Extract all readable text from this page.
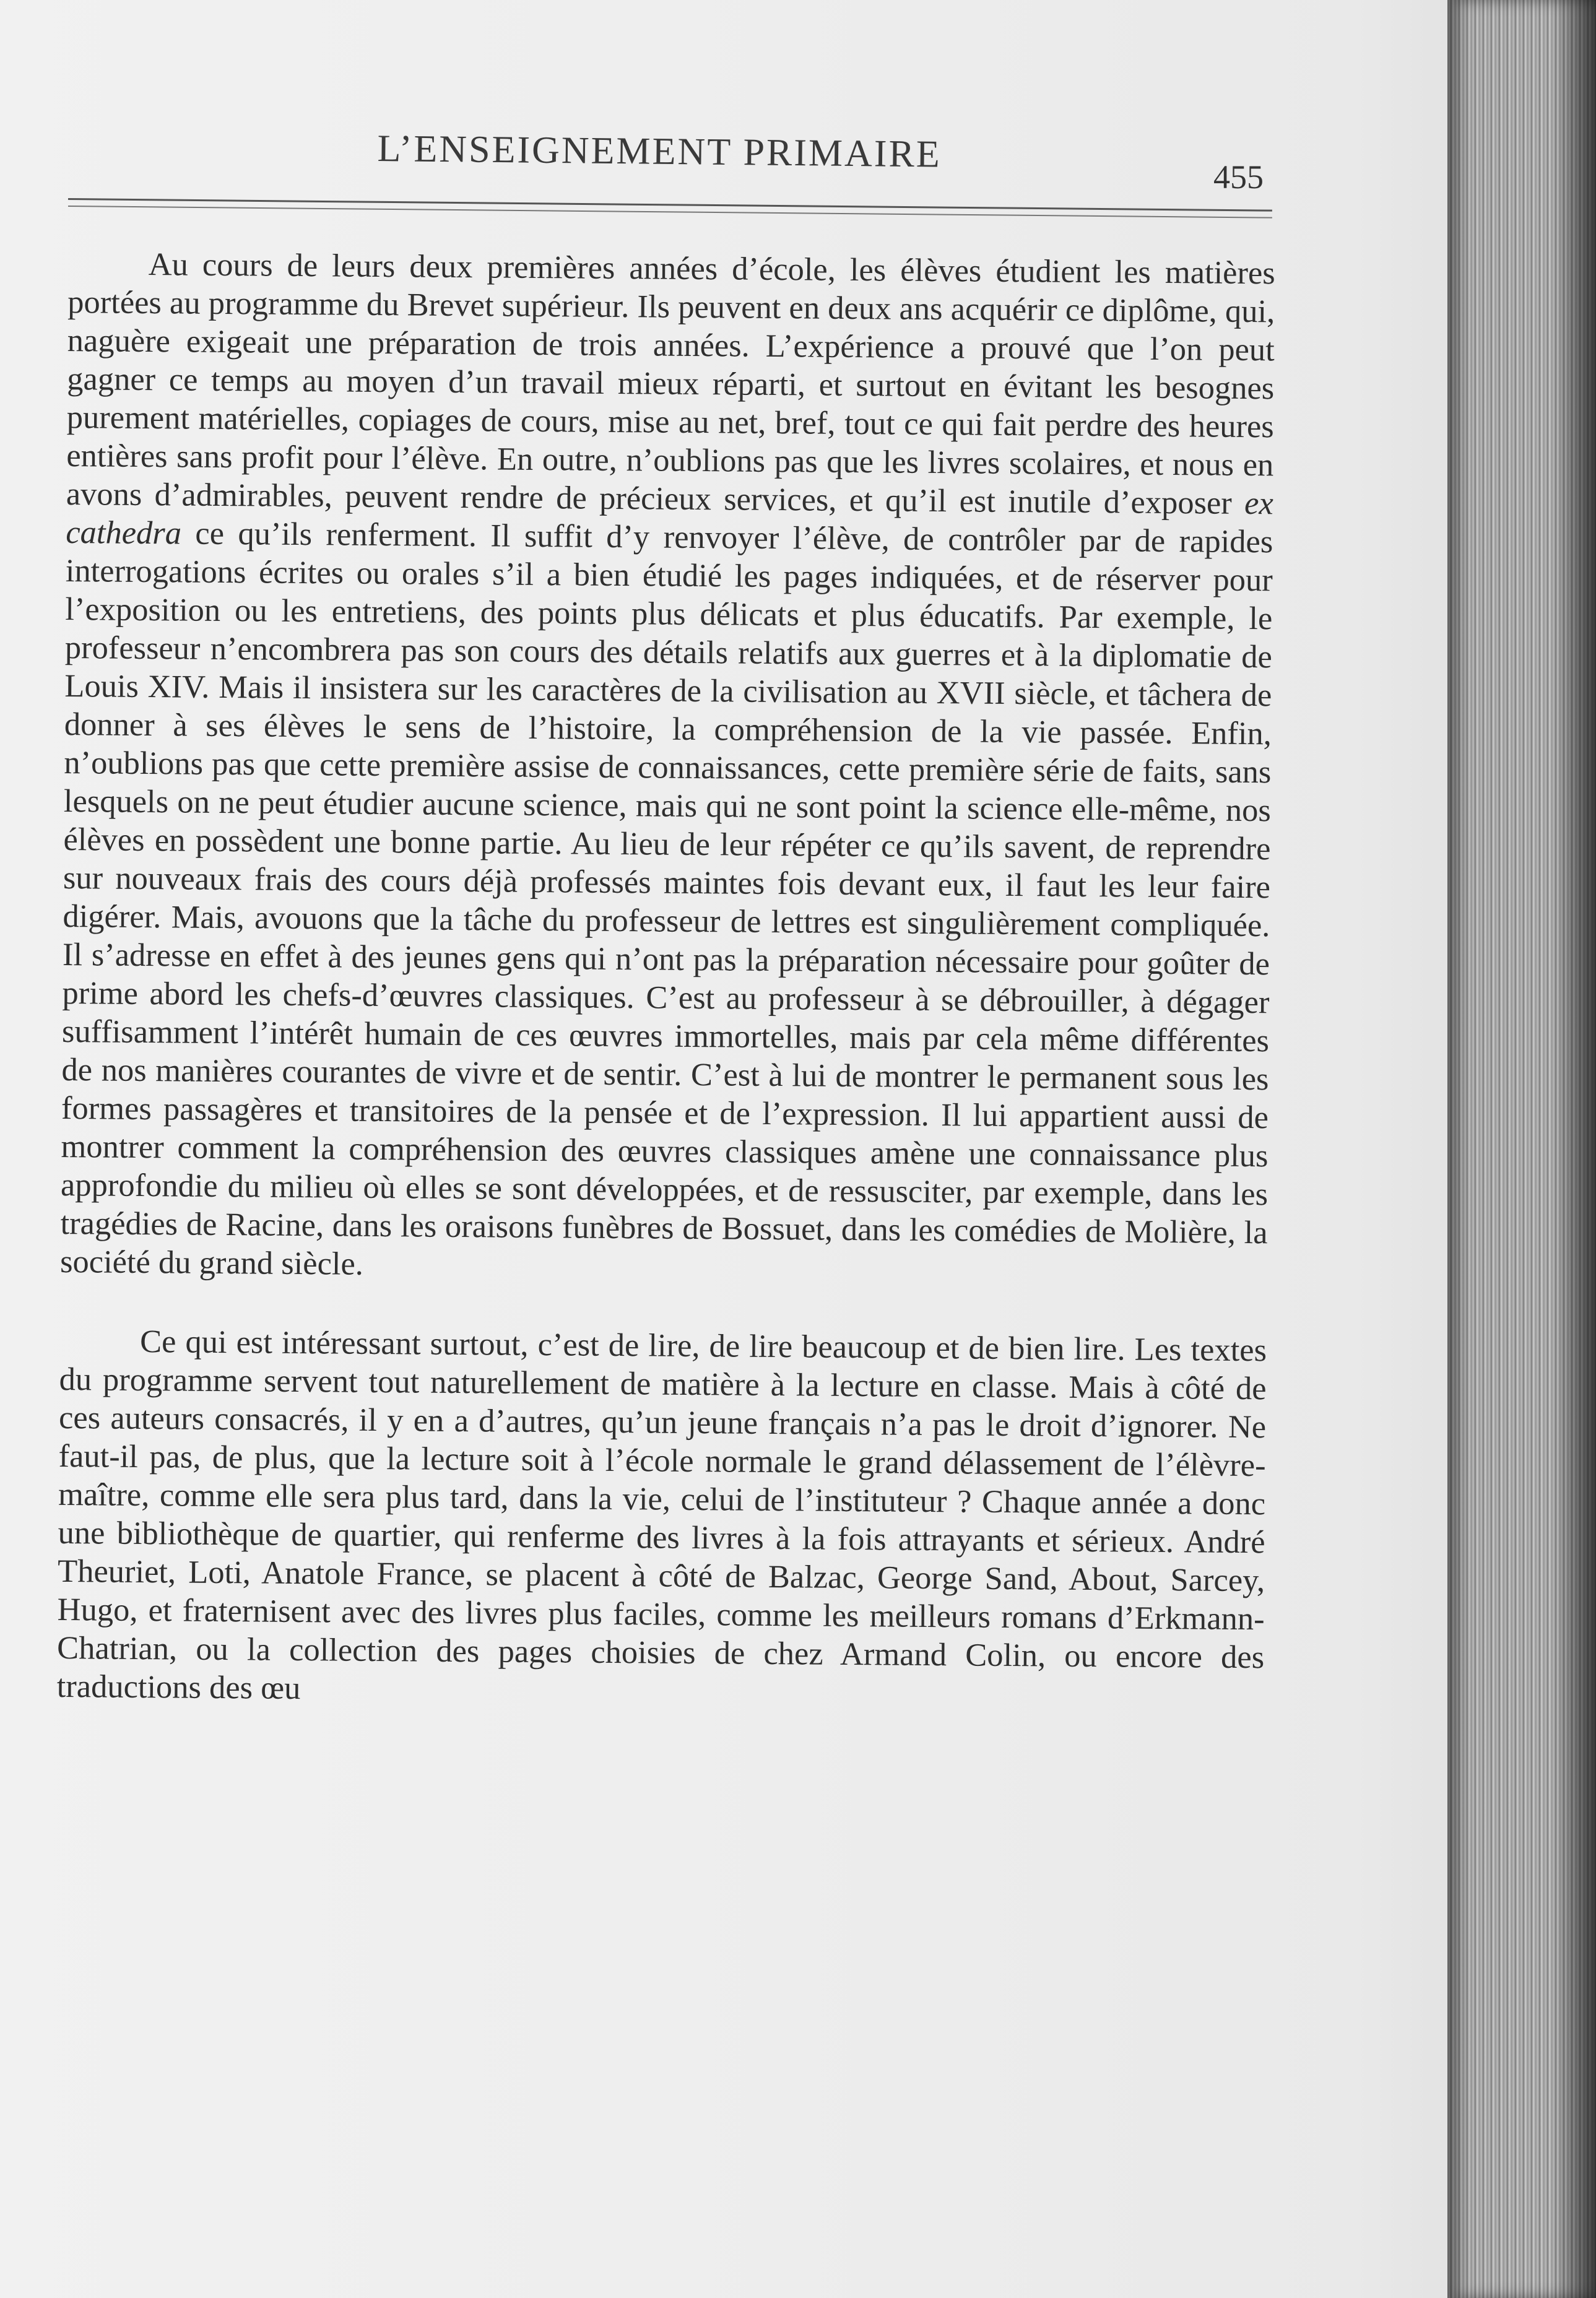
L’ENSEIGNEMENT PRIMAIRE
455

Au cours de leurs deux premières années d’école, les élèves étudient les matières portées au programme du Brevet supérieur. Ils peuvent en deux ans acquérir ce diplôme, qui, naguère exigeait une préparation de trois années. L’expérience a prouvé que l’on peut gagner ce temps au moyen d’un travail mieux réparti, et surtout en évitant les besognes purement matérielles, copiages de cours, mise au net, bref, tout ce qui fait perdre des heures entières sans profit pour l’élève. En outre, n’oublions pas que les livres scolaires, et nous en avons d’admirables, peuvent rendre de précieux services, et qu’il est inutile d’exposer ex cathedra ce qu’ils renferment. Il suffit d’y renvoyer l’élève, de contrôler par de rapides interrogations écrites ou orales s’il a bien étudié les pages indiquées, et de réserver pour l’exposition ou les entretiens, des points plus délicats et plus éducatifs. Par exemple, le professeur n’encombrera pas son cours des détails relatifs aux guerres et à la diplomatie de Louis XIV. Mais il insistera sur les caractères de la civilisation au XVII siècle, et tâchera de donner à ses élèves le sens de l’histoire, la compréhension de la vie passée. Enfin, n’oublions pas que cette première assise de connaissances, cette première série de faits, sans lesquels on ne peut étudier aucune science, mais qui ne sont point la science elle-même, nos élèves en possèdent une bonne partie. Au lieu de leur répéter ce qu’ils savent, de reprendre sur nouveaux frais des cours déjà professés maintes fois devant eux, il faut les leur faire digérer. Mais, avouons que la tâche du professeur de lettres est singulièrement compliquée. Il s’adresse en effet à des jeunes gens qui n’ont pas la préparation nécessaire pour goûter de prime abord les chefs-d’œuvres classiques. C’est au professeur à se débrouiller, à dégager suffisamment l’intérêt humain de ces œuvres immortelles, mais par cela même différentes de nos manières courantes de vivre et de sentir. C’est à lui de montrer le permanent sous les formes passagères et transitoires de la pensée et de l’expression. Il lui appartient aussi de montrer comment la compréhension des œuvres classiques amène une connaissance plus approfondie du milieu où elles se sont développées, et de ressusciter, par exemple, dans les tragédies de Racine, dans les oraisons funèbres de Bossuet, dans les comédies de Molière, la société du grand siècle.

Ce qui est intéressant surtout, c’est de lire, de lire beaucoup et de bien lire. Les textes du programme servent tout naturellement de matière à la lecture en classe. Mais à côté de ces auteurs consacrés, il y en a d’autres, qu’un jeune français n’a pas le droit d’ignorer. Ne faut-il pas, de plus, que la lecture soit à l’école normale le grand délassement de l’élèvre-maître, comme elle sera plus tard, dans la vie, celui de l’instituteur ? Chaque année a donc une bibliothèque de quartier, qui renferme des livres à la fois attrayants et sérieux. André Theuriet, Loti, Anatole France, se placent à côté de Balzac, George Sand, About, Sarcey, Hugo, et fraternisent avec des livres plus faciles, comme les meilleurs romans d’Erkmann-Chatrian, ou la collection des pages choisies de chez Armand Colin, ou encore des traductions des œu
